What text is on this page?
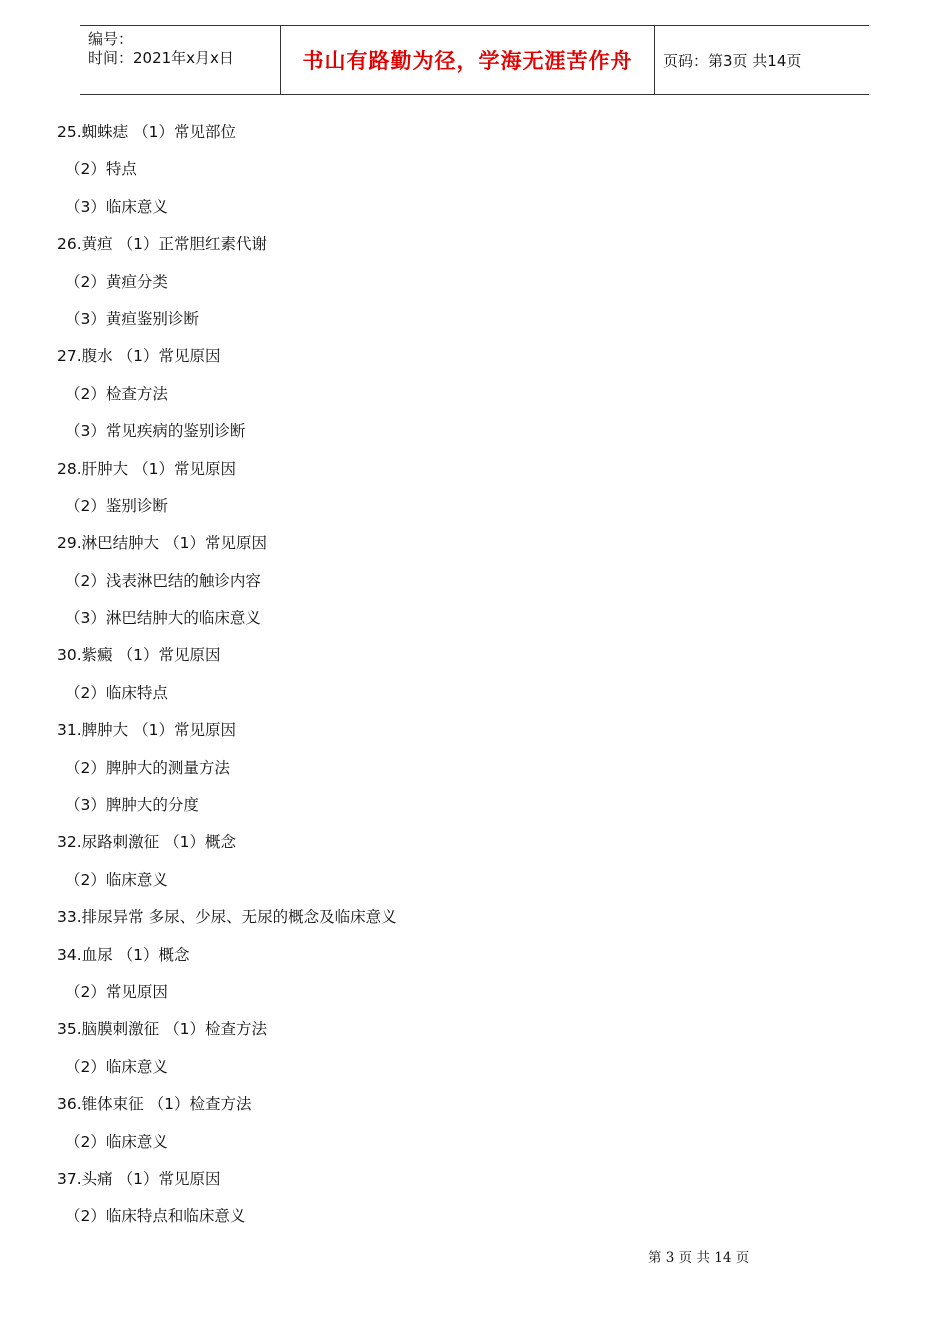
编号：
时间：2021年x月x日	书山有路勤为径，学海无涯苦作舟 页码：第3页 共14页
25.蜘蛛痣 （1）常见部位
（2）特点
（3）临床意义
26.黄疸 （1）正常胆红素代谢
（2）黄疸分类
（3）黄疸鉴别诊断
27.腹水 （1）常见原因
（2）检查方法
（3）常见疾病的鉴别诊断
28.肝肿大 （1）常见原因
（2）鉴别诊断
29.淋巴结肿大 （1）常见原因
（2）浅表淋巴结的触诊内容
（3）淋巴结肿大的临床意义
30.紫癜 （1）常见原因
（2）临床特点
31.脾肿大 （1）常见原因
（2）脾肿大的测量方法
（3）脾肿大的分度
32.尿路刺激征 （1）概念
（2）临床意义
33.排尿异常 多尿、少尿、无尿的概念及临床意义
34.血尿 （1）概念
（2）常见原因
35.脑膜刺激征 （1）检查方法
（2）临床意义
36.锥体束征 （1）检查方法
（2）临床意义
37.头痛 （1）常见原因
（2）临床特点和临床意义
第 3 页 共 14 页
